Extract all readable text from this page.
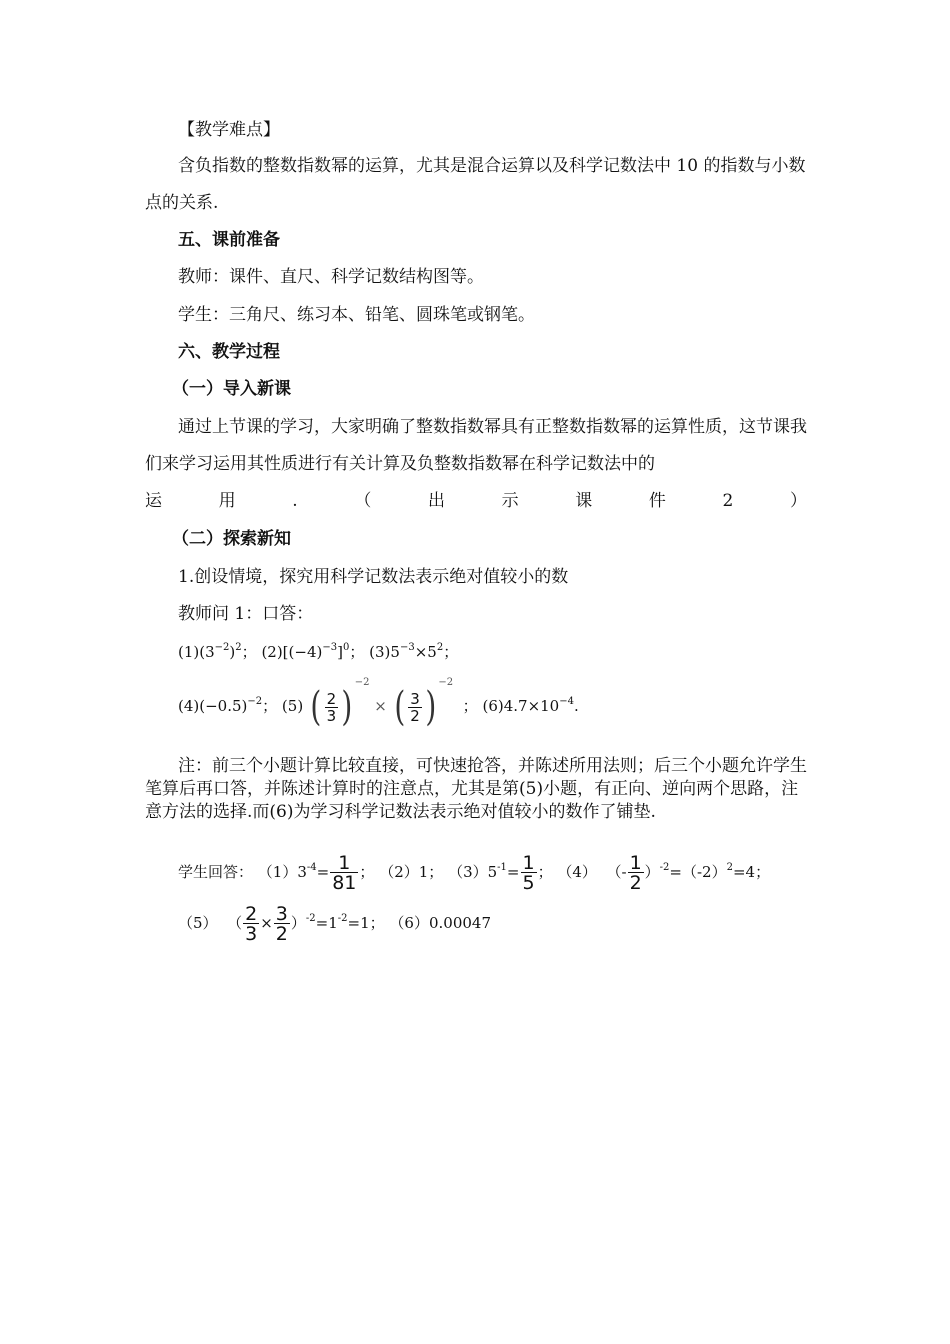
【教学难点】
含负指数的整数指数幂的运算，尤其是混合运算以及科学记数法中 10 的指数与小数点的关系.
五、课前准备
教师：课件、直尺、科学记数结构图等。
学生：三角尺、练习本、铅笔、圆珠笔或钢笔。
六、教学过程
（一）导入新课
通过上节课的学习，大家明确了整数指数幂具有正整数指数幂的运算性质，这节课我们来学习运用其性质进行有关计算及负整数指数幂在科学记数法中的
运	用	.	（	出	示	课	件	2	）
（二）探索新知
1.创设情境，探究用科学记数法表示绝对值较小的数
教师问 1：口答：
$(1)(3^{-2})^2$； $(2)[(-4)^{-3}]^0$； $(3)5^{-3}\times 5^2$；
$(4)(-0.5)^{-2}$； (5) ( $\frac{2}{3} )^{-2}$ × ( $\frac{3}{2} )^{-2}$  ； $(6)4.7\times 10^{-4}$.
注：前三个小题计算比较直接，可快速抢答，并陈述所用法则；后三个小题允许学生笔算后再口答，并陈述计算时的注意点，尤其是第(5)小题，有正向、逆向两个思路，注意方法的选择.而(6)为学习科学记数法表示绝对值较小的数作了铺垫.
学生回答： $(1)3^{-4}= \frac{1}{81}$ ； （2）1； $(3)5^{-1}= \frac{1}{5}$ ； （4） （- $\frac{1}{2} )^{-2}=(-2)^2=4$；
（5） （ $\frac{2}{3} \times \frac{3}{2} )^{-2}=1^{-2}=1$； （6）0.00047
